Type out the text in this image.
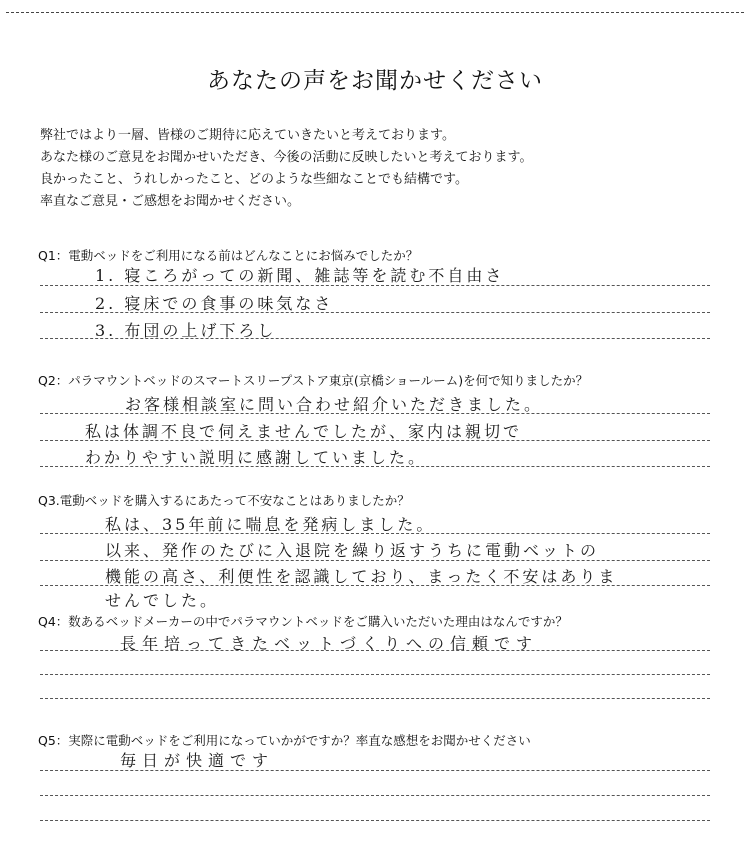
あなたの声をお聞かせください
弊社ではより一層、皆様のご期待に応えていきたいと考えております。
あなた様のご意見をお聞かせいただき、今後の活動に反映したいと考えております。
良かったこと、うれしかったこと、どのような些細なことでも結構です。
率直なご意見・ご感想をお聞かせください。
Q1：電動ベッドをご利用になる前はどんなことにお悩みでしたか？
1. 寝ころがっての新聞、雑誌等を読む不自由さ
2. 寝床での食事の味気なさ
3. 布団の上げ下ろし
Q2：パラマウントベッドのスマートスリープストア東京(京橋ショールーム)を何で知りましたか？
お客様相談室に問い合わせ紹介いただきました。
私は体調不良で伺えませんでしたが、家内は親切で
わかりやすい説明に感謝していました。
Q3.電動ベッドを購入するにあたって不安なことはありましたか？
私は、35年前に喘息を発病しました。
以来、発作のたびに入退院を繰り返すうちに電動ベットの
機能の高さ、利便性を認識しており、まったく不安はありま
せんでした。
Q4：数あるベッドメーカーの中でパラマウントベッドをご購入いただいた理由はなんですか？
長年培ってきたベットづくりへの信頼です
Q5：実際に電動ベッドをご利用になっていかがですか？率直な感想をお聞かせください
毎日が快適です
